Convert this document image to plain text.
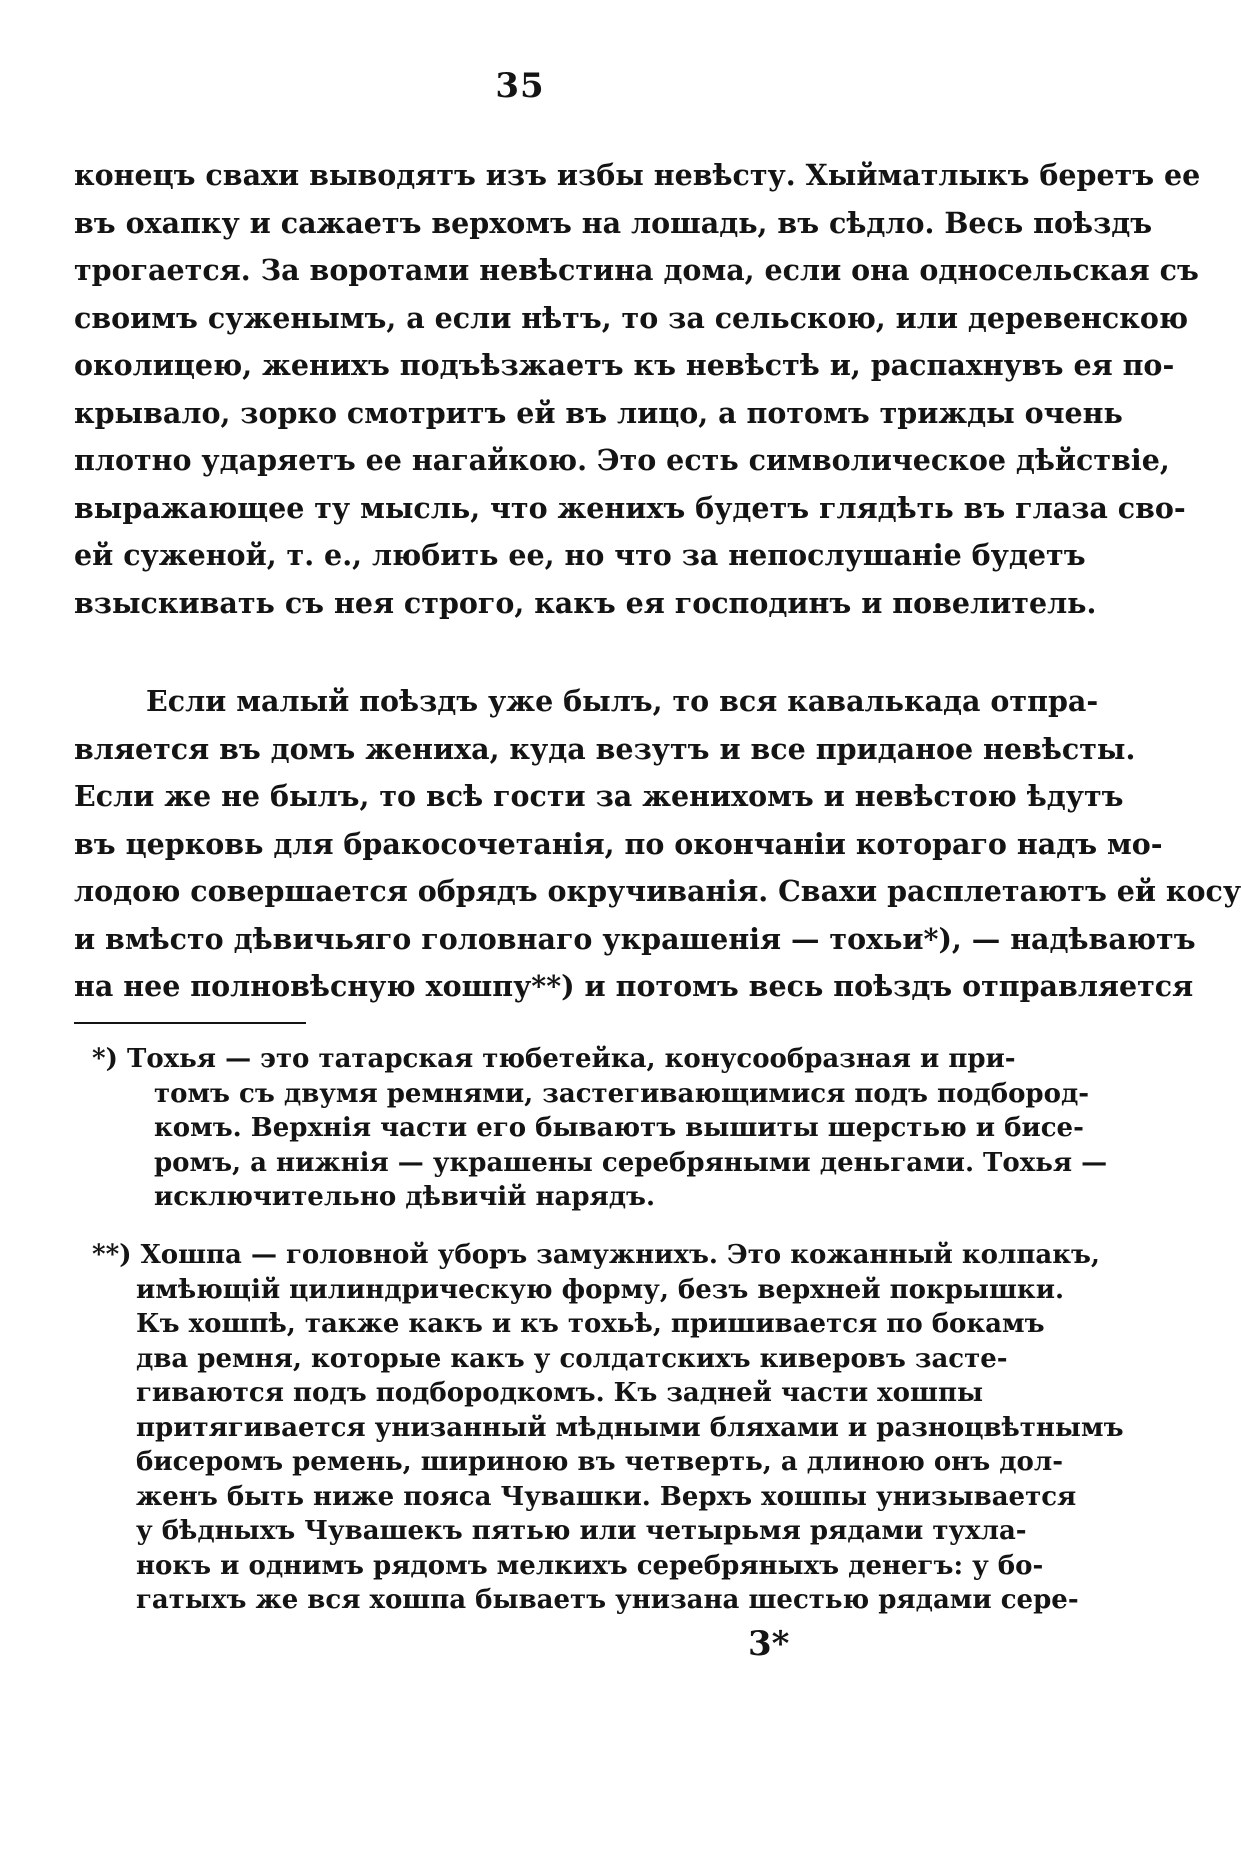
35
конецъ свахи выводятъ изъ избы невѣсту. Хыйматлыкъ беретъ ее
въ охапку и сажаетъ верхомъ на лошадь, въ сѣдло. Весь поѣздъ
трогается. За воротами невѣстина дома, если она односельская съ
своимъ суженымъ, а если нѣтъ, то за сельскою, или деревенскою
околицею, женихъ подъѣзжаетъ къ невѣстѣ и, распахнувъ ея по-
крывало, зорко смотритъ ей въ лицо, а потомъ трижды очень
плотно ударяетъ ее нагайкою. Это есть символическое дѣйствіе,
выражающее ту мысль, что женихъ будетъ глядѣть въ глаза сво-
ей суженой, т. е., любить ее, но что за непослушаніе будетъ
взыскивать съ нея строго, какъ ея господинъ и повелитель.
Если малый поѣздъ уже былъ, то вся кавалькада отпра-
вляется въ домъ жениха, куда везутъ и все приданое невѣсты.
Если же не былъ, то всѣ гости за женихомъ и невѣстою ѣдутъ
въ церковь для бракосочетанія, по окончаніи котораго надъ мо-
лодою совершается обрядъ окручиванія. Свахи расплетаютъ ей косу
и вмѣсто дѣвичьяго головнаго украшенія — тохьи*), — надѣваютъ
на нее полновѣсную хошпу**) и потомъ весь поѣздъ отправляется
*) Тохья — это татарская тюбетейка, конусообразная и при-
томъ съ двумя ремнями, застегивающимися подъ подбород-
комъ. Верхнія части его бываютъ вышиты шерстью и бисе-
ромъ, а нижнія — украшены серебряными деньгами. Тохья —
исключительно дѣвичій нарядъ.
**) Хошпа — головной уборъ замужнихъ. Это кожанный колпакъ,
имѣющій цилиндрическую форму, безъ верхней покрышки.
Къ хошпѣ, также какъ и къ тохьѣ, пришивается по бокамъ
два ремня, которые какъ у солдатскихъ киверовъ засте-
гиваются подъ подбородкомъ. Къ задней части хошпы
притягивается унизанный мѣдными бляхами и разноцвѣтнымъ
бисеромъ ремень, шириною въ четверть, а длиною онъ дол-
женъ быть ниже пояса Чувашки. Верхъ хошпы унизывается
у бѣдныхъ Чувашекъ пятью или четырьмя рядами тухла-
нокъ и однимъ рядомъ мелкихъ серебряныхъ денегъ: у бо-
гатыхъ же вся хошпа бываетъ унизана шестью рядами сере-
3*
